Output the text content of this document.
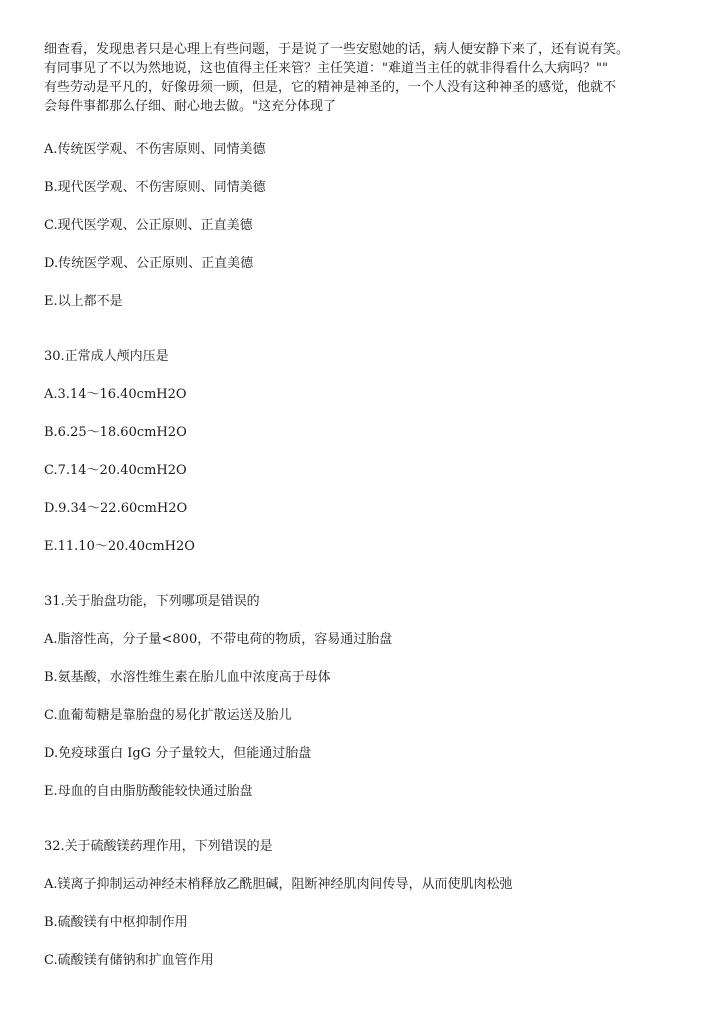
细查看，发现患者只是心理上有些问题，于是说了一些安慰她的话，病人便安静下来了，还有说有笑。

有同事见了不以为然地说，这也值得主任来管？主任笑道："难道当主任的就非得看什么大病吗？""

有些劳动是平凡的，好像毋须一顾，但是，它的精神是神圣的，一个人没有这种神圣的感觉，他就不

会每件事都那么仔细、耐心地去做。"这充分体现了

A.传统医学观、不伤害原则、同情美德

B.现代医学观、不伤害原则、同情美德

C.现代医学观、公正原则、正直美德

D.传统医学观、公正原则、正直美德

E.以上都不是

30.正常成人颅内压是

A.3.14～16.40cmH2O

B.6.25～18.60cmH2O

C.7.14～20.40cmH2O

D.9.34～22.60cmH2O

E.11.10～20.40cmH2O

31.关于胎盘功能，下列哪项是错误的

A.脂溶性高，分子量<800，不带电荷的物质，容易通过胎盘

B.氨基酸，水溶性维生素在胎儿血中浓度高于母体

C.血葡萄糖是靠胎盘的易化扩散运送及胎儿

D.免疫球蛋白 IgG 分子量较大，但能通过胎盘

E.母血的自由脂肪酸能较快通过胎盘

32.关于硫酸镁药理作用，下列错误的是

A.镁离子抑制运动神经末梢释放乙酰胆碱，阻断神经肌肉间传导，从而使肌肉松弛

B.硫酸镁有中枢抑制作用

C.硫酸镁有储钠和扩血管作用
